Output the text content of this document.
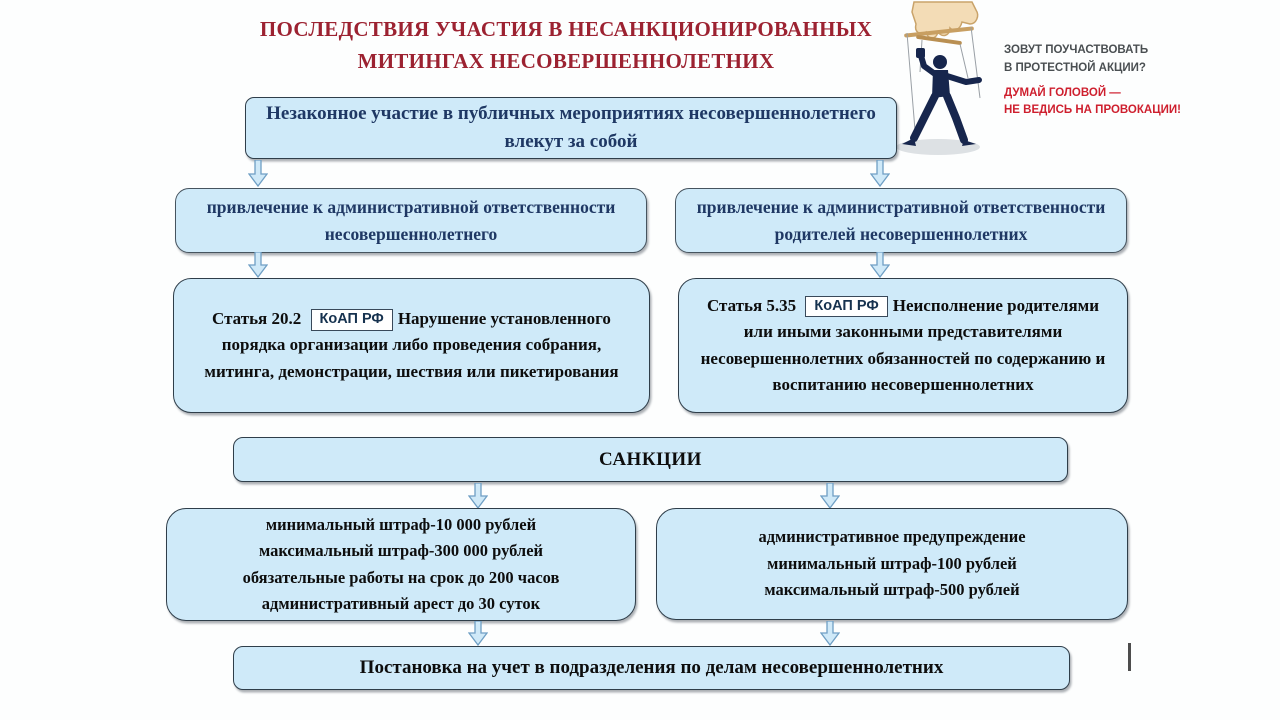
ПОСЛЕДСТВИЯ УЧАСТИЯ В НЕСАНКЦИОНИРОВАННЫХ
МИТИНГАХ НЕСОВЕРШЕННОЛЕТНИХ	ЗОВУТ ПОУЧАСТВОВАТЬ
В ПРОТЕСТНОЙ АКЦИИ?
ДУМАЙ ГОЛОВОЙ —
НЕ ВЕДИСЬ НА ПРОВОКАЦИИ!
Незаконное участие в публичных мероприятиях несовершеннолетнего влекут за собой
привлечение к административной ответственности несовершеннолетнего
привлечение к административной ответственности родителей несовершеннолетних
Статья 20.2 КоАП РФ Нарушение установленного порядка организации либо проведения собрания, митинга, демонстрации, шествия или пикетирования
Статья 5.35 КоАП РФ Неисполнение родителями или иными законными представителями несовершеннолетних обязанностей по содержанию и воспитанию несовершеннолетних
САНКЦИИ
минимальный штраф-10 000 рублей
максимальный штраф-300 000 рублей
обязательные работы на срок до 200 часов
административный арест до 30 суток
административное предупреждение
минимальный штраф-100 рублей
максимальный штраф-500 рублей
Постановка на учет в подразделения по делам несовершеннолетних
